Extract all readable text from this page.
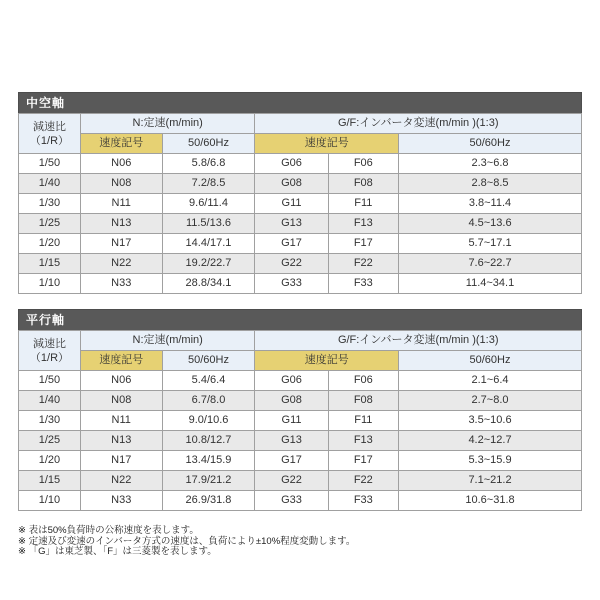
中空軸
減速比
（1/R）	N:定速(m/min)		G/F:インバータ変速(m/min )(1:3)		
	速度記号	50/60Hz	速度記号		50/60Hz
1/50	N06	5.8/6.8	G06	F06	2.3~6.8
1/40	N08	7.2/8.5	G08	F08	2.8~8.5
1/30	N11	9.6/11.4	G11	F11	3.8~11.4
1/25	N13	11.5/13.6	G13	F13	4.5~13.6
1/20	N17	14.4/17.1	G17	F17	5.7~17.1
1/15	N22	19.2/22.7	G22	F22	7.6~22.7
1/10	N33	28.8/34.1	G33	F33	11.4~34.1
平行軸
減速比
（1/R）	N:定速(m/min)		G/F:インバータ変速(m/min )(1:3)		
	速度記号	50/60Hz	速度記号		50/60Hz
1/50	N06	5.4/6.4	G06	F06	2.1~6.4
1/40	N08	6.7/8.0	G08	F08	2.7~8.0
1/30	N11	9.0/10.6	G11	F11	3.5~10.6
1/25	N13	10.8/12.7	G13	F13	4.2~12.7
1/20	N17	13.4/15.9	G17	F17	5.3~15.9
1/15	N22	17.9/21.2	G22	F22	7.1~21.2
1/10	N33	26.9/31.8	G33	F33	10.6~31.8
※ 表は50%負荷時の公称速度を表します。
※ 定速及び変速のインバータ方式の速度は、負荷により±10%程度変動します。
※ 「G」は東芝製、「F」は三菱製を表します。
